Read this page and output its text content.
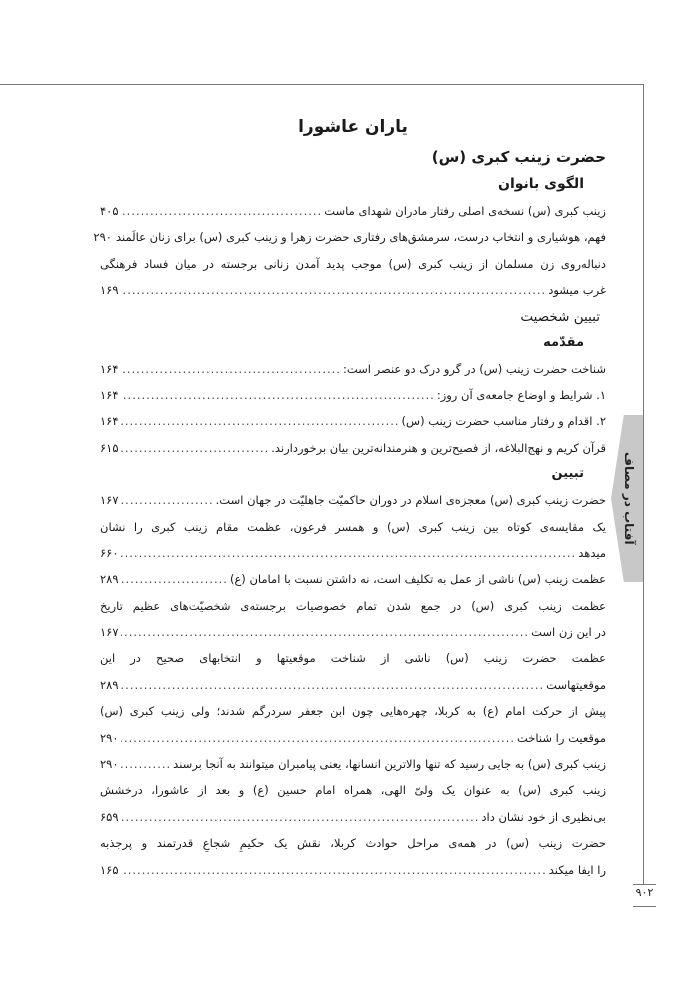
آفتاب در مصاف
۹۰۲
یاران عاشورا
حضرت زینب کبری (س)
الگوی بانوان
زینب کبری (س) نسخه‌ی اصلی رفتار مادران شهدای ماست
.....
۴۰۵
فهم، هوشیاری و انتخاب درست، سرمشق‌های رفتاری حضرت زهرا و زینب کبری (س) برای زنان عالَمند
۲۹۰
دنباله‌روی زن مسلمان از زینب کبری (س) موجب پدید آمدن زنانی برجسته در میان فساد فرهنگی
غرب میشود
.....
۱۶۹
تبیین شخصیت
مقدّمه
شناخت حضرت زینب (س) در گرو درک دو عنصر است:
.....
۱۶۴
۱. شرایط و اوضاع جامعه‌ی آن روز:
.....
۱۶۴
۲. اقدام و رفتار مناسب حضرت زینب (س)
.....
۱۶۴
قرآن کریم و نهج‌البلاغه، از فصیح‌ترین و هنرمندانه‌ترین بیان برخوردارند.
.....
۶۱۵
تبیین
حضرت زینب کبری (س) معجزه‌ی اسلام در دوران حاکمیّت جاهلیّت در جهان است.
.....
۱۶۷
یک مقایسه‌ی کوتاه بین زینب کبری (س) و همسر فرعون، عظمت مقام زینب کبری را نشان
میدهد
.....
۶۶۰
عظمت زینب (س) ناشی از عمل به تکلیف است، نه داشتن نسبت با امامان (ع)
.....
۲۸۹
عظمت زینب کبری (س) در جمع شدن تمام خصوصیات برجسته‌ی شخصیّت‌های عظیم تاریخ
در این زن است
.....
۱۶۷
عظمت حضرت زینب (س) ناشی از شناخت موقعیتها و انتخابهای صحیح در این
موقعیتهاست
.....
۲۸۹
پیش از حرکت امام (ع) به کربلا، چهره‌هایی چون ابن جعفر سردرگم شدند؛ ولی زینب کبری (س)
موقعیت را شناخت
.....
۲۹۰
زینب کبری (س) به جایی رسید که تنها والاترین انسانها، یعنی پیامبران میتوانند به آنجا برسند
.....
۲۹۰
زینب کبری (س) به عنوان یک ولیّ الهی، همراه امام حسین (ع) و بعد از عاشورا، درخشش
بی‌نظیری از خود نشان داد
.....
۶۵۹
حضرت زینب (س) در همه‌ی مراحل حوادث کربلا، نقش یک حکیمِ شجاعِ قدرتمند و پرجذبه
را ایفا میکند
.....
۱۶۵
